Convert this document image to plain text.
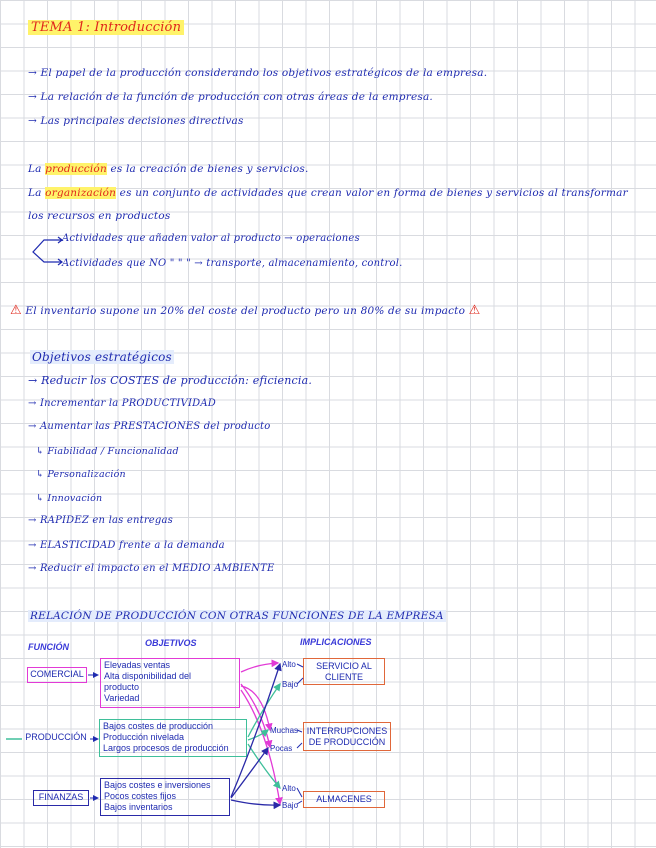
TEMA 1: Introducción
→ El papel de la producción considerando los objetivos estratégicos de la empresa.
→ La relación de la función de producción con otras áreas de la empresa.
→ Las principales decisiones directivas
La producción es la creación de bienes y servicios.
La organización es un conjunto de actividades que crean valor en forma de bienes y servicios al transformar
los recursos en productos
Actividades que añaden valor al producto → operaciones
Actividades que NO " " " → transporte, almacenamiento, control.
⚠ El inventario supone un 20% del coste del producto pero un 80% de su impacto ⚠
Objetivos estratégicos
→ Reducir los COSTES de producción: eficiencia.
→ Incrementar la PRODUCTIVIDAD
→ Aumentar las PRESTACIONES del producto
↳ Fiabilidad / Funcionalidad
↳ Personalización
↳ Innovación
→ RAPIDEZ en las entregas
→ ELASTICIDAD frente a la demanda
→ Reducir el impacto en el MEDIO AMBIENTE
RELACIÓN DE PRODUCCIÓN CON OTRAS FUNCIONES DE LA EMPRESA
FUNCIÓN	OBJETIVOS	IMPLICACIONES
COMERCIAL
PRODUCCIÓN
FINANZAS
Elevadas ventas
Alta disponibilidad del
producto
Variedad
Bajos costes de producción
Producción nivelada
Largos procesos de producción
Bajos costes e inversiones
Pocos costes fijos
Bajos inventarios
Alto
Bajo
Muchas
Pocas
Alto
Bajo
SERVICIO AL CLIENTE
INTERRUPCIONES DE PRODUCCIÓN
ALMACENES
